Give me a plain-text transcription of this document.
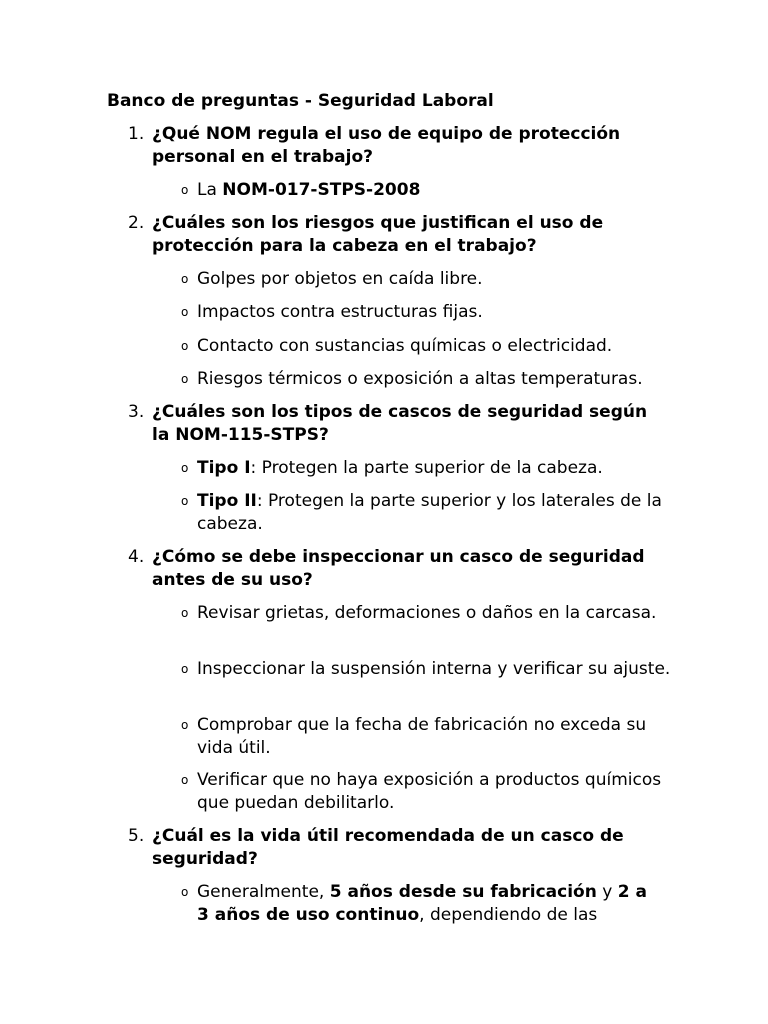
Banco de preguntas - Seguridad Laboral
1. ¿Qué NOM regula el uso de equipo de protección personal en el trabajo?
o La NOM-017-STPS-2008
2. ¿Cuáles son los riesgos que justifican el uso de protección para la cabeza en el trabajo?
o Golpes por objetos en caída libre.
o Impactos contra estructuras fijas.
o Contacto con sustancias químicas o electricidad.
o Riesgos térmicos o exposición a altas temperaturas.
3. ¿Cuáles son los tipos de cascos de seguridad según la NOM-115-STPS?
o Tipo I: Protegen la parte superior de la cabeza.
o Tipo II: Protegen la parte superior y los laterales de la cabeza.
4. ¿Cómo se debe inspeccionar un casco de seguridad antes de su uso?
o Revisar grietas, deformaciones o daños en la carcasa.
o Inspeccionar la suspensión interna y verificar su ajuste.
o Comprobar que la fecha de fabricación no exceda su vida útil.
o Verificar que no haya exposición a productos químicos que puedan debilitarlo.
5. ¿Cuál es la vida útil recomendada de un casco de seguridad?
o Generalmente, 5 años desde su fabricación y 2 a 3 años de uso continuo, dependiendo de las
